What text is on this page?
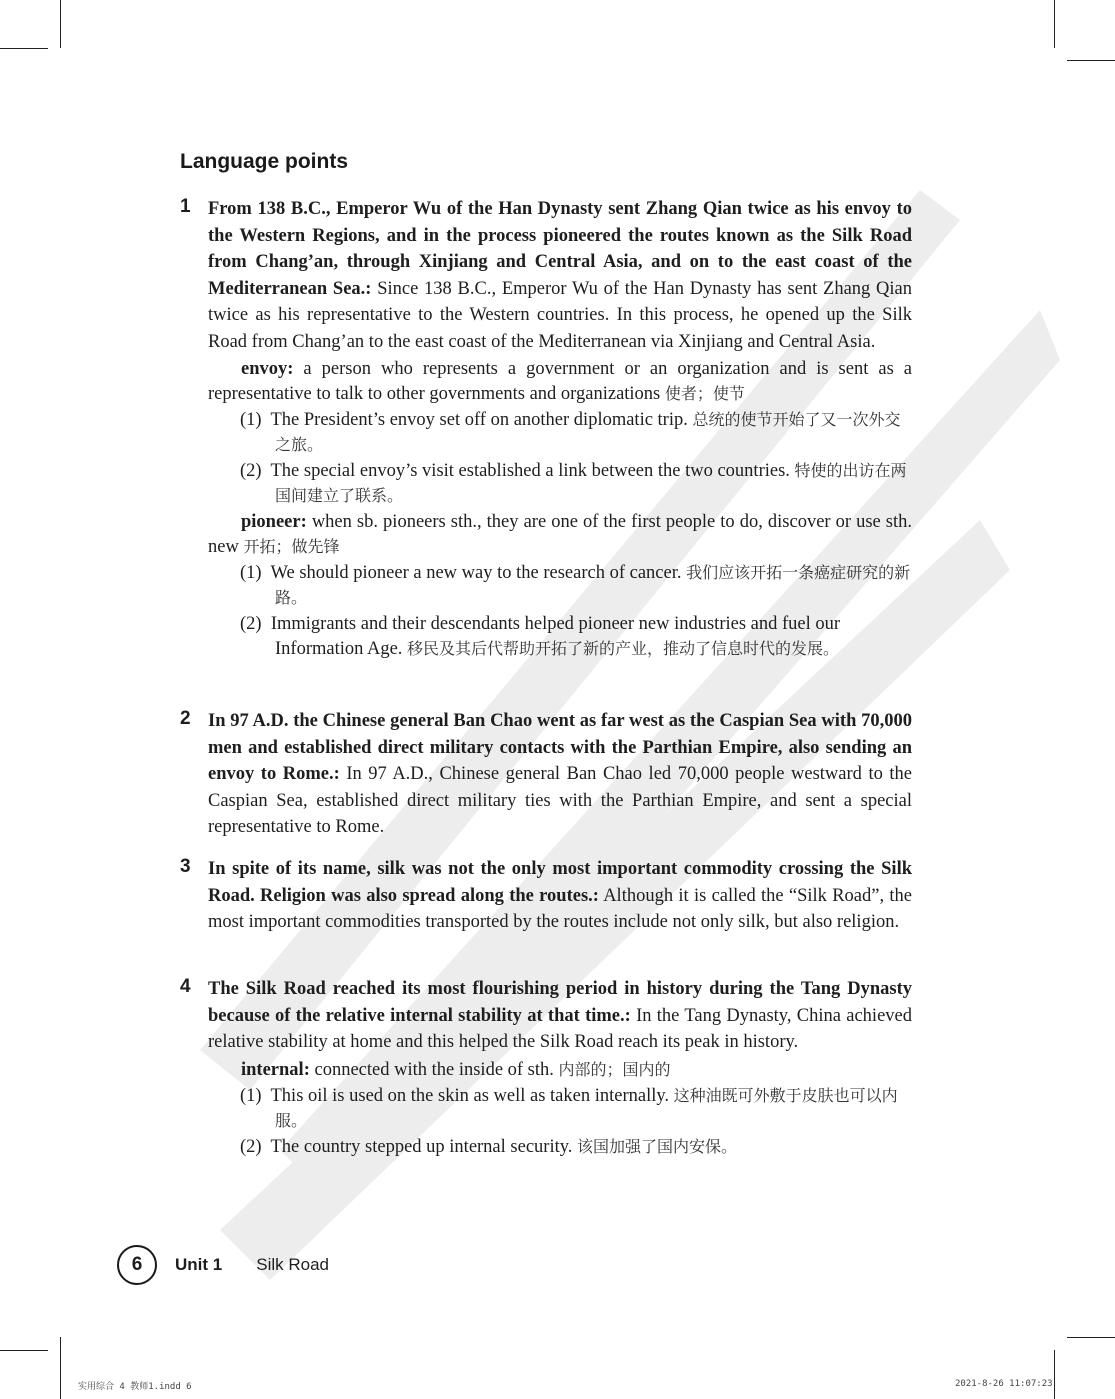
Language points
1 From 138 B.C., Emperor Wu of the Han Dynasty sent Zhang Qian twice as his envoy to the Western Regions, and in the process pioneered the routes known as the Silk Road from Chang’an, through Xinjiang and Central Asia, and on to the east coast of the Mediterranean Sea.: Since 138 B.C., Emperor Wu of the Han Dynasty has sent Zhang Qian twice as his representative to the Western countries. In this process, he opened up the Silk Road from Chang’an to the east coast of the Mediterranean via Xinjiang and Central Asia.
envoy: a person who represents a government or an organization and is sent as a representative to talk to other governments and organizations 使者；使节
(1) The President’s envoy set off on another diplomatic trip. 总统的使节开始了又一次外交之旅。
(2) The special envoy’s visit established a link between the two countries. 特使的出访在两国间建立了联系。
pioneer: when sb. pioneers sth., they are one of the first people to do, discover or use sth. new 开拓；做先锋
(1) We should pioneer a new way to the research of cancer. 我们应该开拓一条癌症研究的新路。
(2) Immigrants and their descendants helped pioneer new industries and fuel our Information Age. 移民及其后代帮助开拓了新的产业，推动了信息时代的发展。
2 In 97 A.D. the Chinese general Ban Chao went as far west as the Caspian Sea with 70,000 men and established direct military contacts with the Parthian Empire, also sending an envoy to Rome.: In 97 A.D., Chinese general Ban Chao led 70,000 people westward to the Caspian Sea, established direct military ties with the Parthian Empire, and sent a special representative to Rome.
3 In spite of its name, silk was not the only most important commodity crossing the Silk Road. Religion was also spread along the routes.: Although it is called the “Silk Road”, the most important commodities transported by the routes include not only silk, but also religion.
4 The Silk Road reached its most flourishing period in history during the Tang Dynasty because of the relative internal stability at that time.: In the Tang Dynasty, China achieved relative stability at home and this helped the Silk Road reach its peak in history.
internal: connected with the inside of sth. 内部的；国内的
(1) This oil is used on the skin as well as taken internally. 这种油既可外敷于皮肤也可以内服。
(2) The country stepped up internal security. 该国加强了国内安保。
6	Unit 1 Silk Road
实用综合 4 教师1.indd 6	2021-8-26 11:07:23
